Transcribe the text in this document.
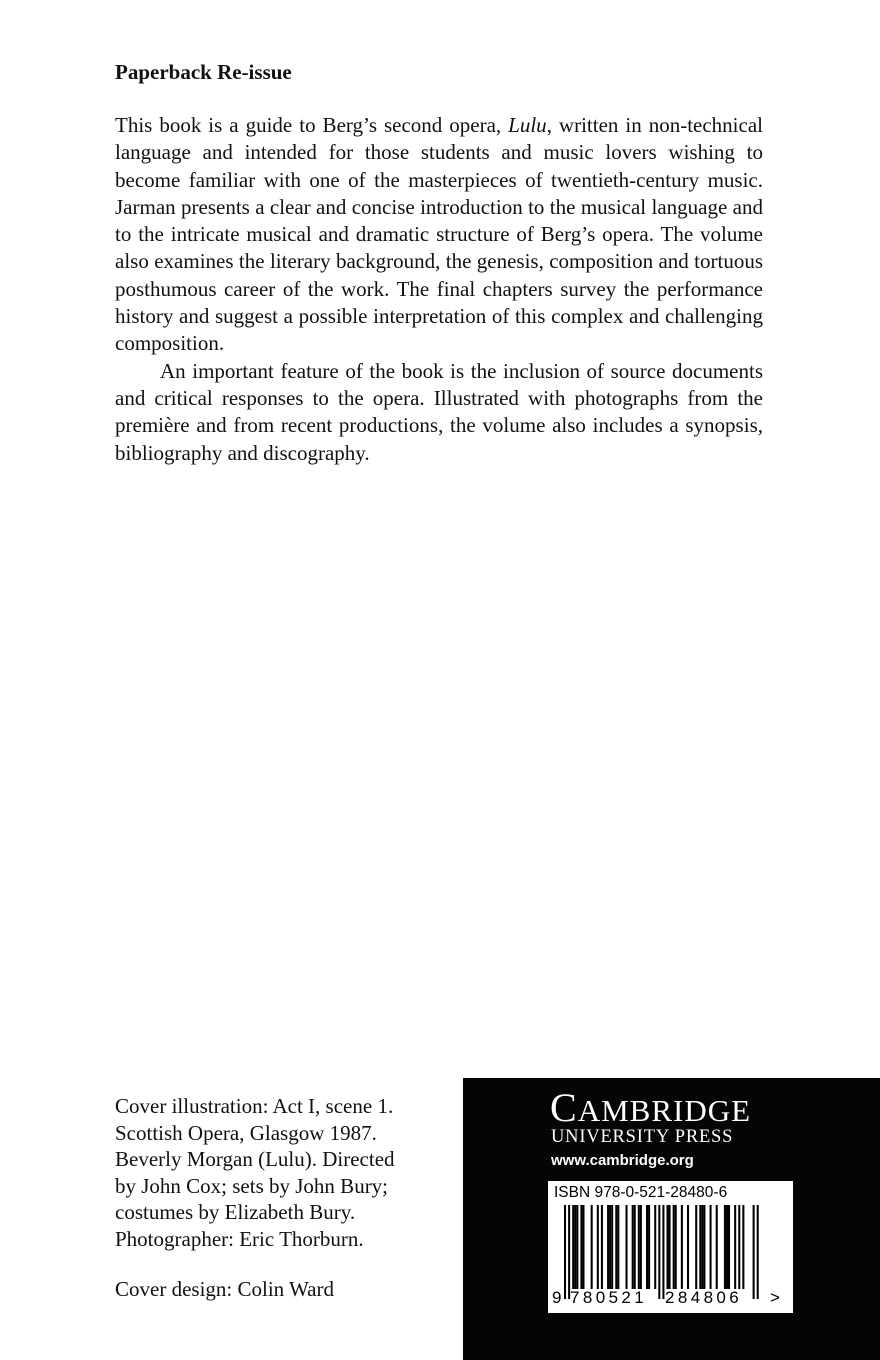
Paperback Re-issue

This book is a guide to Berg’s second opera, Lulu, written in non-technical language and intended for those students and music lovers wishing to become familiar with one of the masterpieces of twentieth-century music. Jarman presents a clear and concise introduction to the musical language and to the intricate musical and dramatic structure of Berg’s opera. The volume also examines the literary background, the genesis, composition and tortuous posthumous career of the work. The final chapters survey the performance history and suggest a possible interpretation of this complex and challenging composition.

An important feature of the book is the inclusion of source documents and critical responses to the opera. Illustrated with photographs from the première and from recent productions, the volume also includes a synopsis, bibliography and discography.

Cover illustration: Act I, scene 1.
Scottish Opera, Glasgow 1987.
Beverly Morgan (Lulu). Directed
by John Cox; sets by John Bury;
costumes by Elizabeth Bury.
Photographer: Eric Thorburn.
Cover design: Colin Ward
CAMBRIDGE
UNIVERSITY PRESS
www.cambridge.org
ISBN 978-0-521-28480-6
9 780521 284806 >
